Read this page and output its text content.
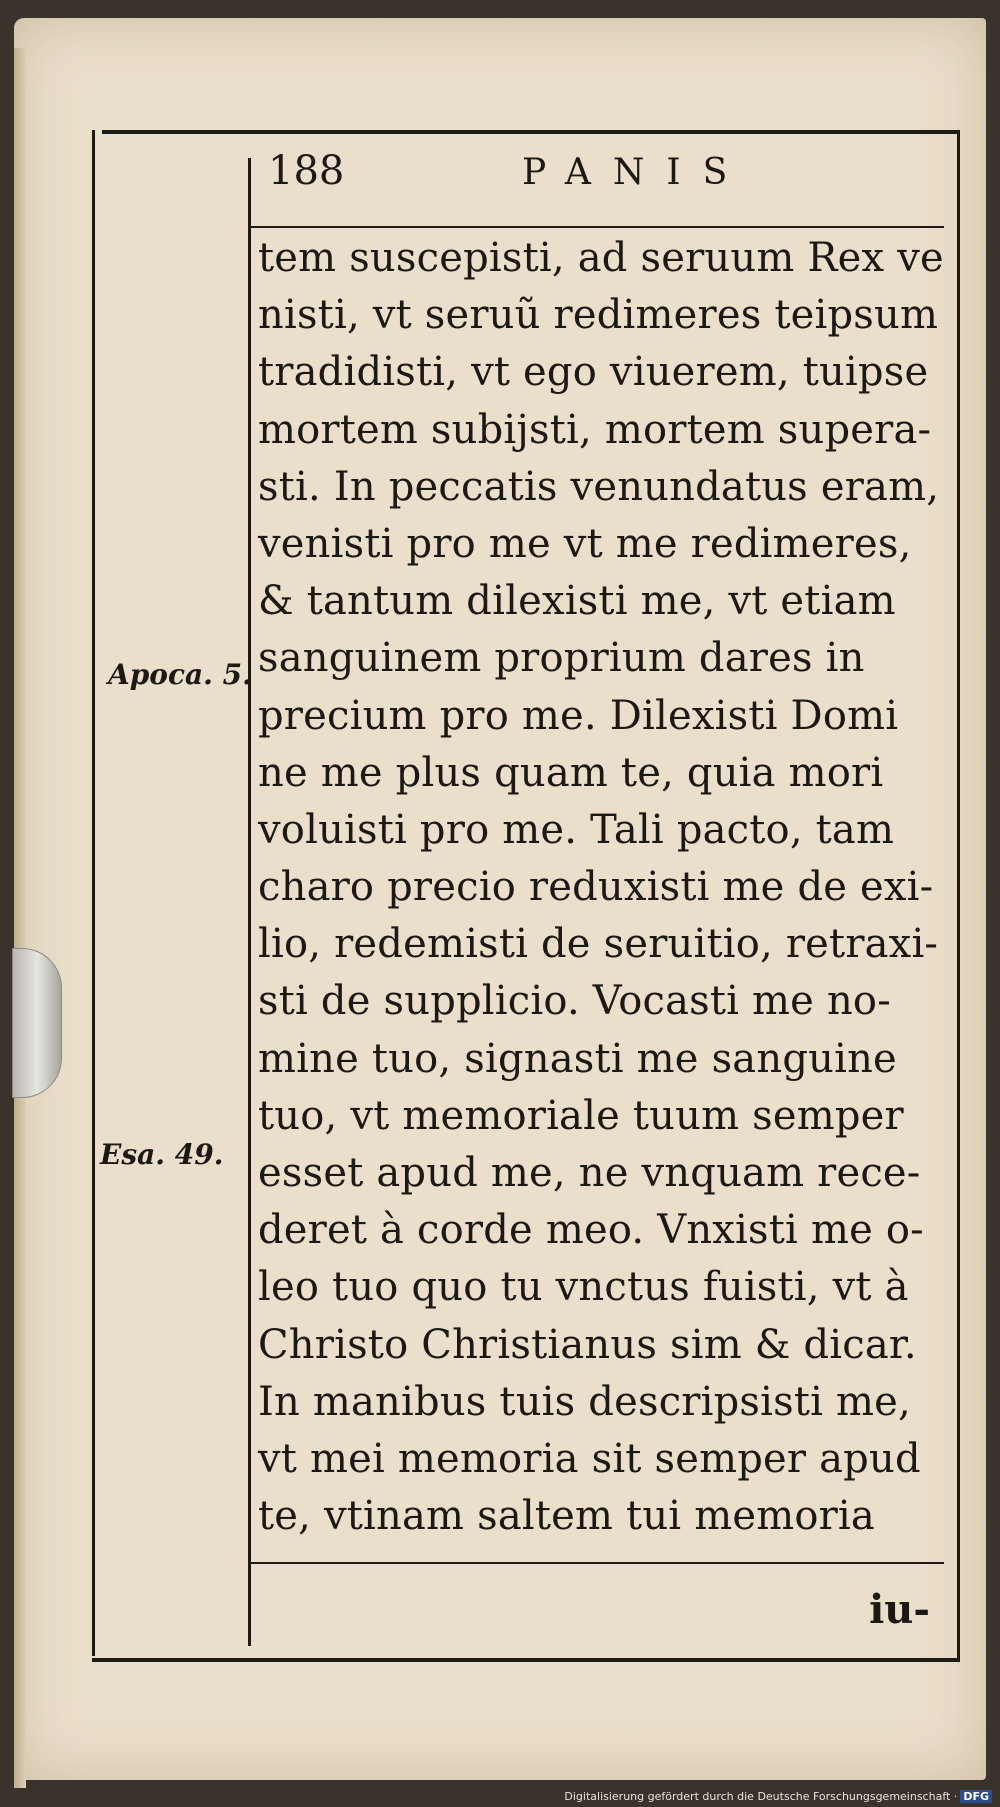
188	PANIS
Apoca. 5.
Esa. 49.
tem suscepisti, ad seruum Rex ve
nisti, vt seruũ redimeres teipsum
tradidisti, vt ego viuerem, tuipse
mortem subijsti, mortem supera-
sti. In peccatis venundatus eram,
venisti pro me vt me redimeres,
& tantum dilexisti me, vt etiam
sanguinem proprium dares in
precium pro me. Dilexisti Domi
ne me plus quam te, quia mori
voluisti pro me. Tali pacto, tam
charo precio reduxisti me de exi-
lio, redemisti de seruitio, retraxi-
sti de supplicio. Vocasti me no-
mine tuo, signasti me sanguine
tuo, vt memoriale tuum semper
esset apud me, ne vnquam rece-
deret à corde meo. Vnxisti me o-
leo tuo quo tu vnctus fuisti, vt à
Christo Christianus sim & dicar.
In manibus tuis descripsisti me,
vt mei memoria sit semper apud
te, vtinam saltem tui memoria
iu-
Digitalisierung gefördert durch die Deutsche Forschungsgemeinschaft · DFG
